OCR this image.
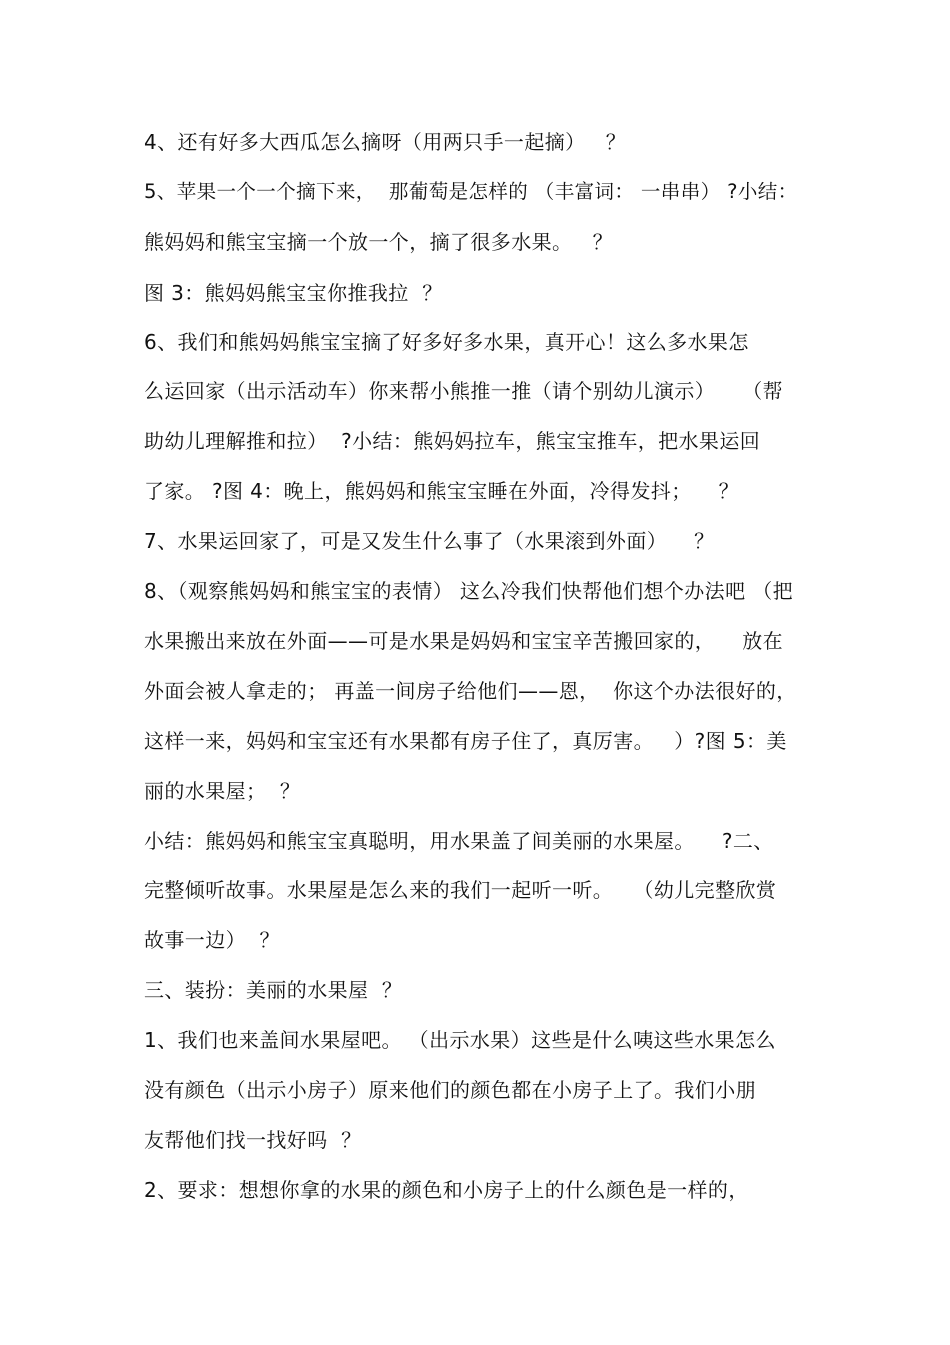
4、还有好多大西瓜怎么摘呀（用两只手一起摘）   ？
5、苹果一个一个摘下来，  那葡萄是怎样的 （丰富词： 一串串） ?小结：
熊妈妈和熊宝宝摘一个放一个，摘了很多水果。   ？
图 3：熊妈妈熊宝宝你推我拉  ？
6、我们和熊妈妈熊宝宝摘了好多好多水果，真开心！这么多水果怎
么运回家（出示活动车）你来帮小熊推一推（请个别幼儿演示）    （帮
助幼儿理解推和拉）  ?小结：熊妈妈拉车，熊宝宝推车，把水果运回
了家。 ?图 4：晚上，熊妈妈和熊宝宝睡在外面，冷得发抖；    ？
7、水果运回家了，可是又发生什么事了（水果滚到外面）    ？
8、（观察熊妈妈和熊宝宝的表情） 这么冷我们快帮他们想个办法吧 （把
水果搬出来放在外面——可是水果是妈妈和宝宝辛苦搬回家的，    放在
外面会被人拿走的； 再盖一间房子给他们——恩，  你这个办法很好的，
这样一来，妈妈和宝宝还有水果都有房子住了，真厉害。   ）?图 5：美
丽的水果屋；  ？
小结：熊妈妈和熊宝宝真聪明，用水果盖了间美丽的水果屋。    ?二、
完整倾听故事。水果屋是怎么来的我们一起听一听。   （幼儿完整欣赏
故事一边）  ？
三、装扮：美丽的水果屋  ？
1、我们也来盖间水果屋吧。 （出示水果）这些是什么咦这些水果怎么
没有颜色（出示小房子）原来他们的颜色都在小房子上了。我们小朋
友帮他们找一找好吗  ？
2、要求：想想你拿的水果的颜色和小房子上的什么颜色是一样的，
